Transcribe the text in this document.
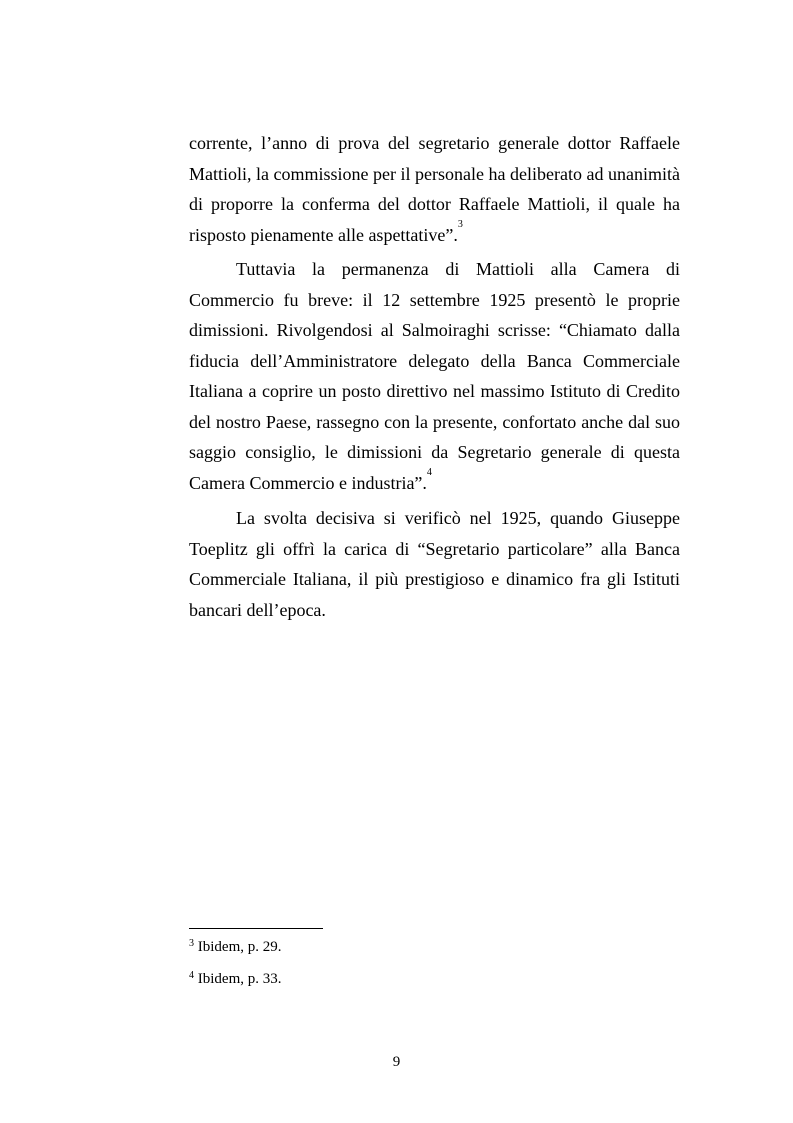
corrente, l’anno di prova del segretario generale dottor Raffaele Mattioli, la commissione per il personale ha deliberato ad unanimità di proporre la conferma del dottor Raffaele Mattioli, il quale ha risposto pienamente alle aspettative”.$^3$

Tuttavia la permanenza di Mattioli alla Camera di Commercio fu breve: il 12 settembre 1925 presentò le proprie dimissioni. Rivolgendosi al Salmoiraghi scrisse: “Chiamato dalla fiducia dell’Amministratore delegato della Banca Commerciale Italiana a coprire un posto direttivo nel massimo Istituto di Credito del nostro Paese, rassegno con la presente, confortato anche dal suo saggio consiglio, le dimissioni da Segretario generale di questa Camera Commercio e industria”.$^4$

La svolta decisiva si verificò nel 1925, quando Giuseppe Toeplitz gli offrì la carica di “Segretario particolare” alla Banca Commerciale Italiana, il più prestigioso e dinamico fra gli Istituti bancari dell’epoca.

$^3$ Ibidem, p. 29.
$^4$ Ibidem, p. 33.
9
